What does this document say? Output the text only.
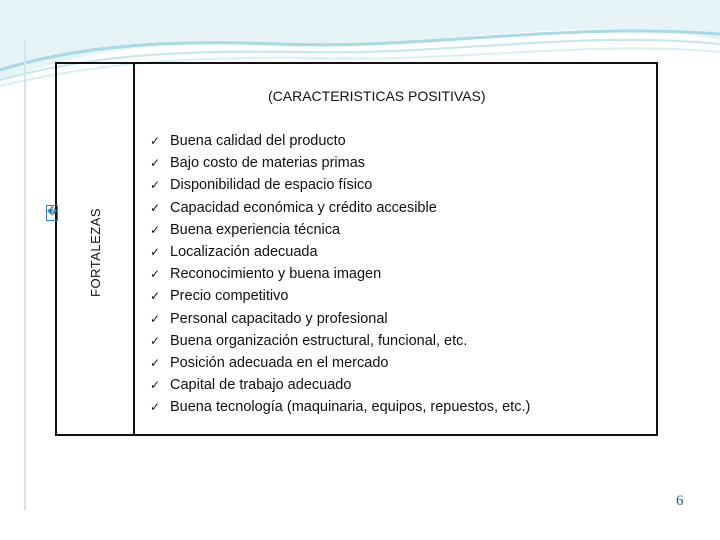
� FORTALEZAS
(CARACTERISTICAS POSITIVAS)
✓ Buena calidad del producto
✓ Bajo costo de materias primas
✓ Disponibilidad de espacio físico
✓ Capacidad económica y crédito accesible
✓ Buena experiencia técnica
✓ Localización adecuada
✓ Reconocimiento y buena imagen
✓ Precio competitivo
✓ Personal capacitado y profesional
✓ Buena organización estructural, funcional, etc.
✓ Posición adecuada en el mercado
✓ Capital de trabajo adecuado
✓ Buena tecnología (maquinaria, equipos, repuestos, etc.)
6
